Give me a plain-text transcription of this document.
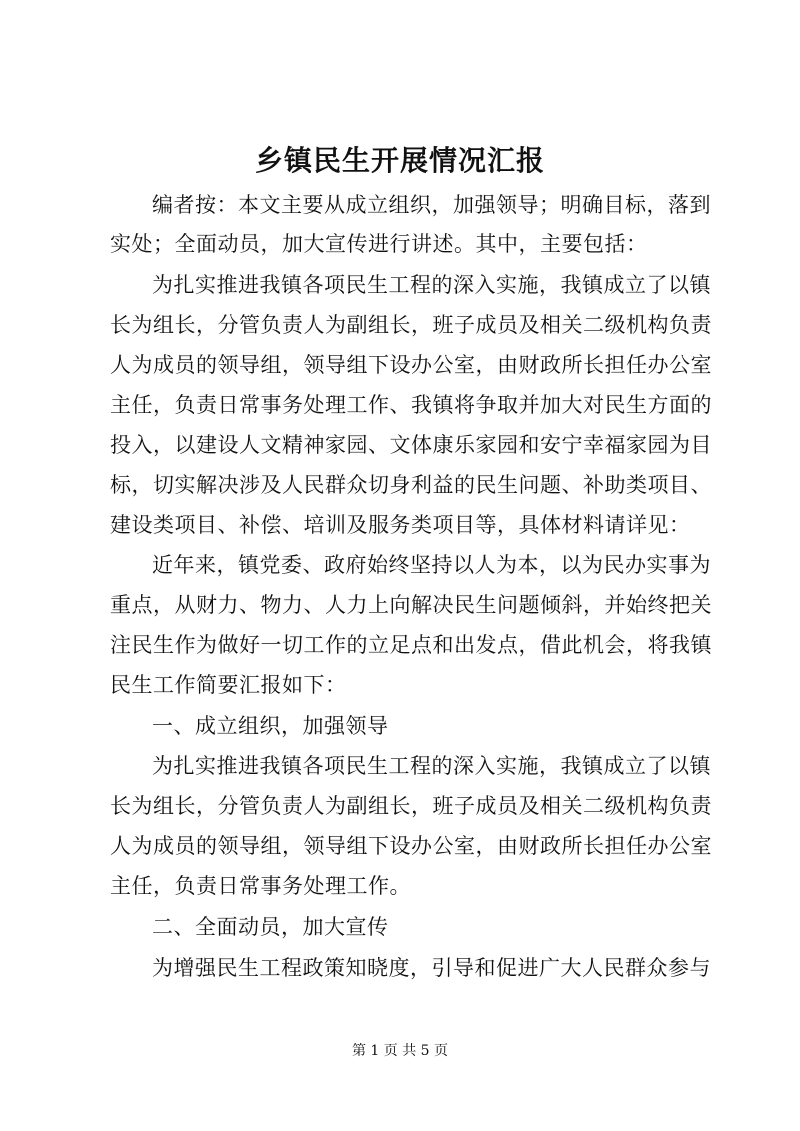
乡镇民生开展情况汇报
编者按：本文主要从成立组织，加强领导；明确目标，落到
实处；全面动员，加大宣传进行讲述。其中，主要包括：
为扎实推进我镇各项民生工程的深入实施，我镇成立了以镇
长为组长，分管负责人为副组长，班子成员及相关二级机构负责
人为成员的领导组，领导组下设办公室，由财政所长担任办公室
主任，负责日常事务处理工作、我镇将争取并加大对民生方面的
投入，以建设人文精神家园、文体康乐家园和安宁幸福家园为目
标，切实解决涉及人民群众切身利益的民生问题、补助类项目、
建设类项目、补偿、培训及服务类项目等，具体材料请详见：
近年来，镇党委、政府始终坚持以人为本，以为民办实事为
重点，从财力、物力、人力上向解决民生问题倾斜，并始终把关
注民生作为做好一切工作的立足点和出发点，借此机会，将我镇
民生工作简要汇报如下：
一、成立组织，加强领导
为扎实推进我镇各项民生工程的深入实施，我镇成立了以镇
长为组长，分管负责人为副组长，班子成员及相关二级机构负责
人为成员的领导组，领导组下设办公室，由财政所长担任办公室
主任，负责日常事务处理工作。
二、全面动员，加大宣传
为增强民生工程政策知晓度，引导和促进广大人民群众参与
第 1 页 共 5 页
